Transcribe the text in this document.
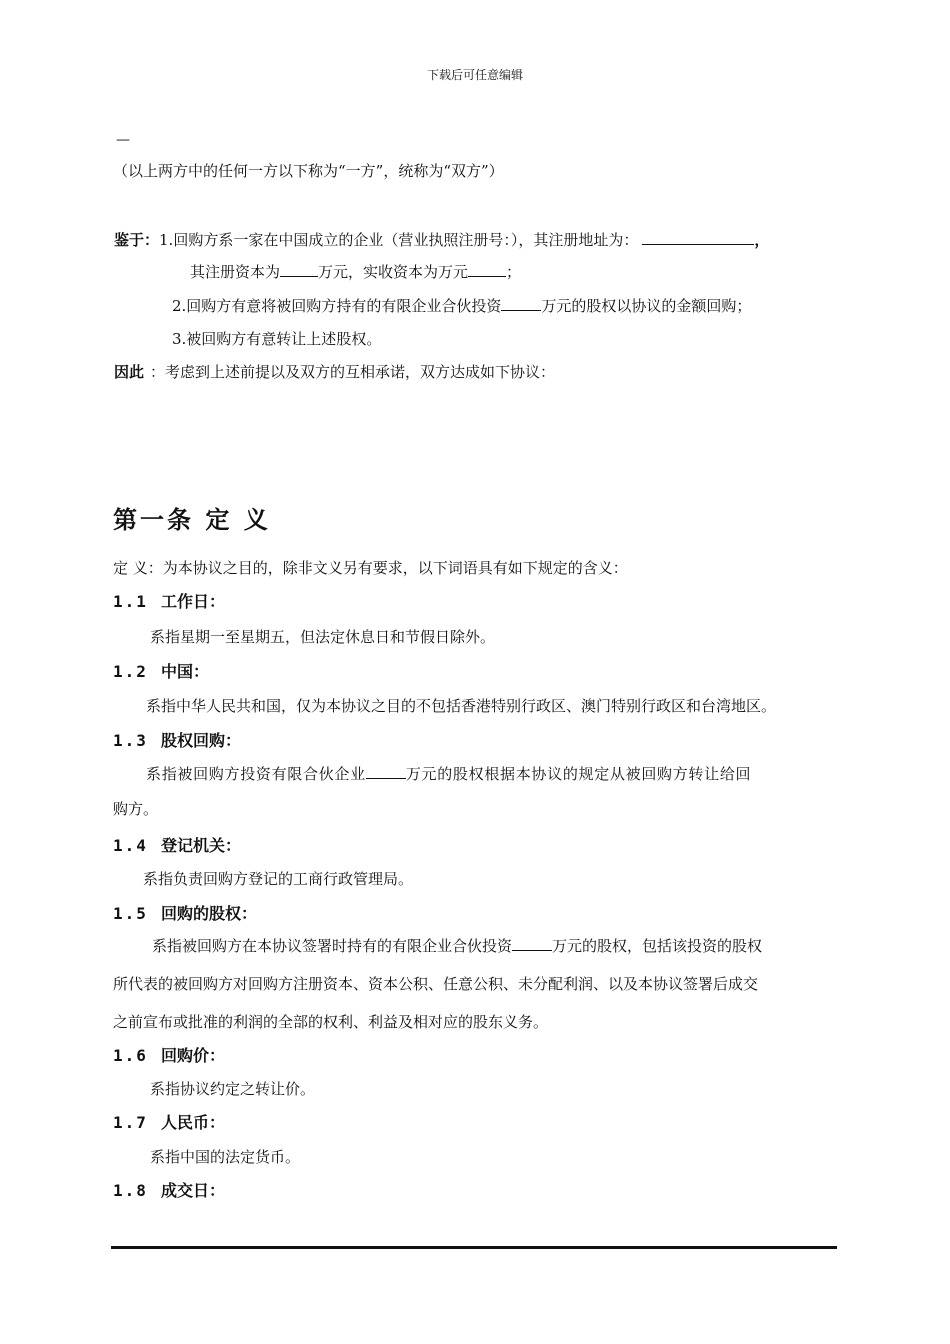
下载后可任意编辑
—
（以上两方中的任何一方以下称为“一方”，统称为“双方”）
鉴于：1.回购方系一家在中国成立的企业（营业执照注册号：），其注册地址为：	，
其注册资本为	万元，实收资本为万元	；
2.回购方有意将被回购方持有的有限企业合伙投资	万元的股权以协议的金额回购；
3.被回购方有意转让上述股权。
因此 ：考虑到上述前提以及双方的互相承诺，双方达成如下协议：
第一条 定 义
定 义：为本协议之目的，除非文义另有要求，以下词语具有如下规定的含义：
1.1 工作日：
系指星期一至星期五，但法定休息日和节假日除外。
1.2 中国：
系指中华人民共和国，仅为本协议之目的不包括香港特别行政区、澳门特别行政区和台湾地区。
1.3 股权回购：
系指被回购方投资有限合伙企业	万元的股权根据本协议的规定从被回购方转让给回
购方。
1.4 登记机关：
系指负责回购方登记的工商行政管理局。
1.5 回购的股权：
系指被回购方在本协议签署时持有的有限企业合伙投资	万元的股权，包括该投资的股权
所代表的被回购方对回购方注册资本、资本公积、任意公积、未分配利润、以及本协议签署后成交
之前宣布或批准的利润的全部的权利、利益及相对应的股东义务。
1.6 回购价：
系指协议约定之转让价。
1.7 人民币：
系指中国的法定货币。
1.8 成交日：
